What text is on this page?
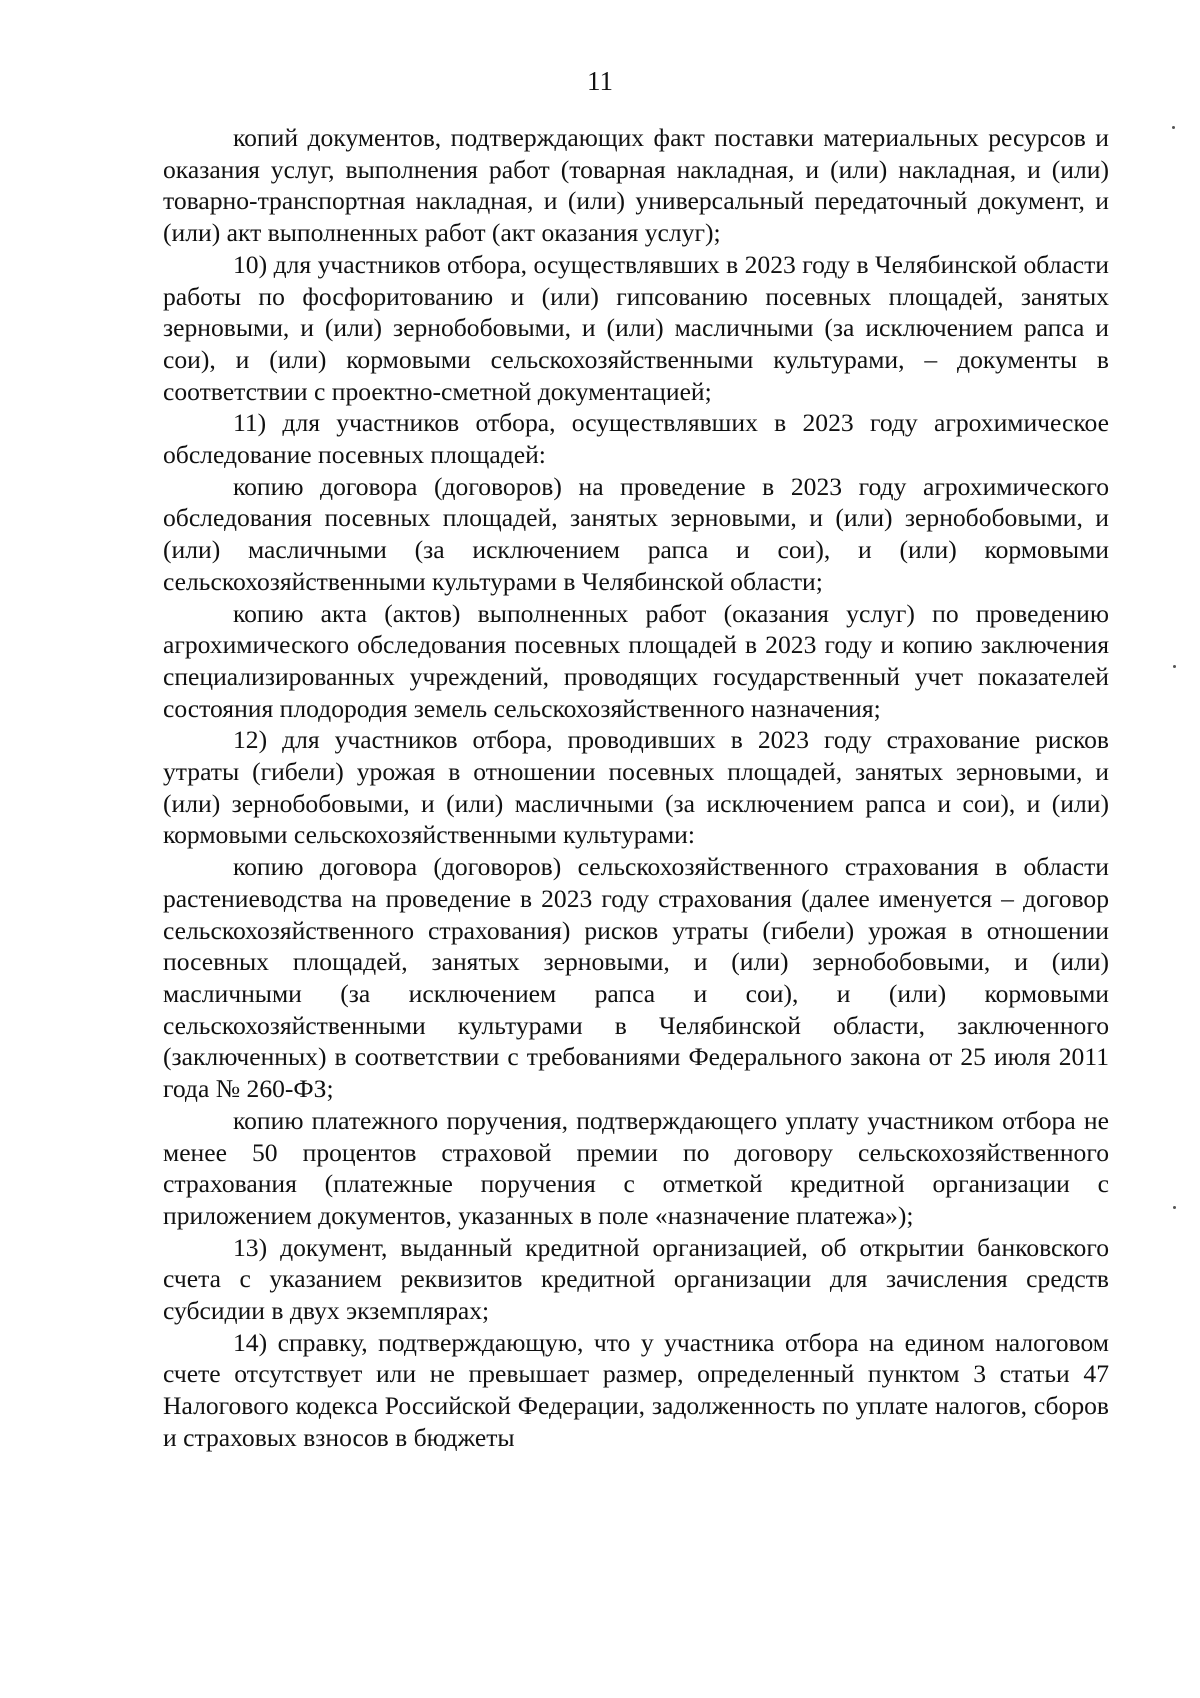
11

копий документов, подтверждающих факт поставки материальных ресурсов и оказания услуг, выполнения работ (товарная накладная, и (или) накладная, и (или) товарно-транспортная накладная, и (или) универсальный передаточный документ, и (или) акт выполненных работ (акт оказания услуг);

10) для участников отбора, осуществлявших в 2023 году в Челябинской области работы по фосфоритованию и (или) гипсованию посевных площадей, занятых зерновыми, и (или) зернобобовыми, и (или) масличными (за исключением рапса и сои), и (или) кормовыми сельскохозяйственными культурами, – документы в соответствии с проектно-сметной документацией;

11) для участников отбора, осуществлявших в 2023 году агрохимическое обследование посевных площадей:

копию договора (договоров) на проведение в 2023 году агрохимического обследования посевных площадей, занятых зерновыми, и (или) зернобобовыми, и (или) масличными (за исключением рапса и сои), и (или) кормовыми сельскохозяйственными культурами в Челябинской области;

копию акта (актов) выполненных работ (оказания услуг) по проведению агрохимического обследования посевных площадей в 2023 году и копию заключения специализированных учреждений, проводящих государственный учет показателей состояния плодородия земель сельскохозяйственного назначения;

12) для участников отбора, проводивших в 2023 году страхование рисков утраты (гибели) урожая в отношении посевных площадей, занятых зерновыми, и (или) зернобобовыми, и (или) масличными (за исключением рапса и сои), и (или) кормовыми сельскохозяйственными культурами:

копию договора (договоров) сельскохозяйственного страхования в области растениеводства на проведение в 2023 году страхования (далее именуется – договор сельскохозяйственного страхования) рисков утраты (гибели) урожая в отношении посевных площадей, занятых зерновыми, и (или) зернобобовыми, и (или) масличными (за исключением рапса и сои), и (или) кормовыми сельскохозяйственными культурами в Челябинской области, заключенного (заключенных) в соответствии с требованиями Федерального закона от 25 июля 2011 года № 260-ФЗ;

копию платежного поручения, подтверждающего уплату участником отбора не менее 50 процентов страховой премии по договору сельскохозяйственного страхования (платежные поручения с отметкой кредитной организации с приложением документов, указанных в поле «назначение платежа»);

13) документ, выданный кредитной организацией, об открытии банковского счета с указанием реквизитов кредитной организации для зачисления средств субсидии в двух экземплярах;

14) справку, подтверждающую, что у участника отбора на едином налоговом счете отсутствует или не превышает размер, определенный пунктом 3 статьи 47 Налогового кодекса Российской Федерации, задолженность по уплате налогов, сборов и страховых взносов в бюджеты
